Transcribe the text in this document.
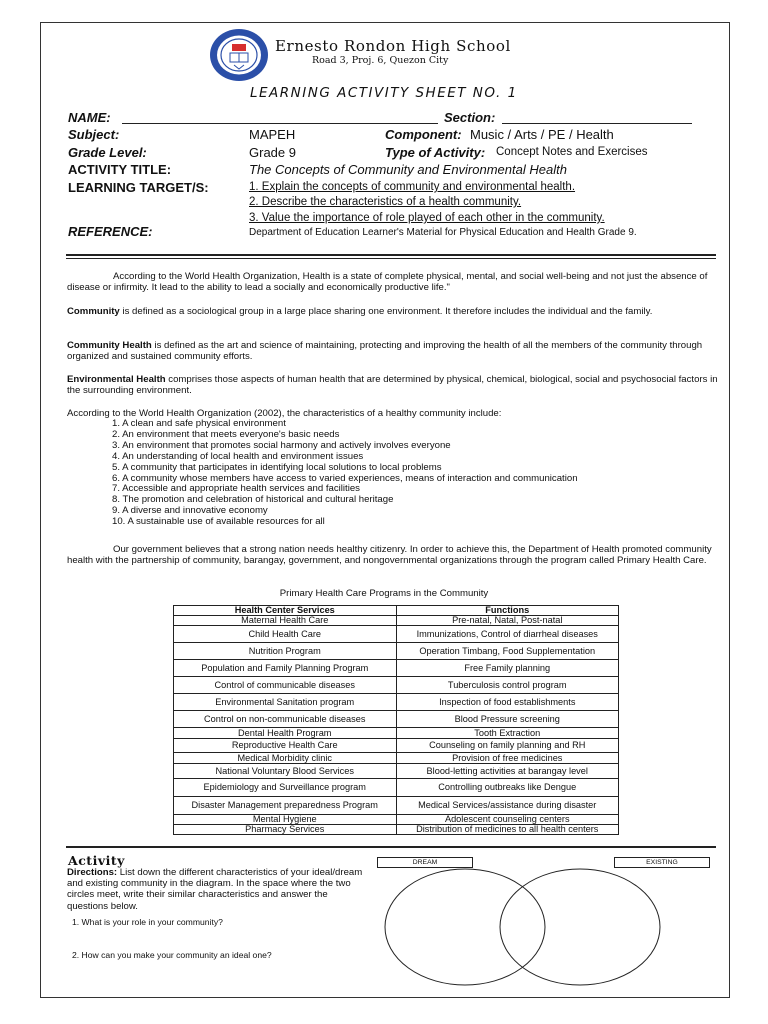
Ernesto Rondon High School
Road 3, Proj. 6, Quezon City
LEARNING ACTIVITY SHEET NO. 1
NAME:	Section:
Subject:	MAPEH	Component: Music / Arts / PE / Health
Grade Level:	Grade 9	Type of Activity: Concept Notes and Exercises
ACTIVITY TITLE:	The Concepts of Community and Environmental Health
LEARNING TARGET/S:	1. Explain the concepts of community and environmental health.
2. Describe the characteristics of a health community.
3. Value the importance of role played of each other in the community.
REFERENCE:	Department of Education Learner's Material for Physical Education and Health Grade 9.

According to the World Health Organization, Health is a state of complete physical, mental, and social well-being and not just the absence of disease or infirmity. It lead to the ability to lead a socially and economically productive life."

Community is defined as a sociological group in a large place sharing one environment. It therefore includes the individual and the family.

Community Health is defined as the art and science of maintaining, protecting and improving the health of all the members of the community through organized and sustained community efforts.

Environmental Health comprises those aspects of human health that are determined by physical, chemical, biological, social and psychosocial factors in the surrounding environment.

According to the World Health Organization (2002), the characteristics of a healthy community include:

1. A clean and safe physical environment
2. An environment that meets everyone's basic needs
3. An environment that promotes social harmony and actively involves everyone
4. An understanding of local health and environment issues
5. A community that participates in identifying local solutions to local problems
6. A community whose members have access to varied experiences, means of interaction and communication
7. Accessible and appropriate health services and facilities
8. The promotion and celebration of historical and cultural heritage
9. A diverse and innovative economy
10. A sustainable use of available resources for all

Our government believes that a strong nation needs healthy citizenry. In order to achieve this, the Department of Health promoted community health with the partnership of community, barangay, government, and nongovernmental organizations through the program called Primary Health Care.

Primary Health Care Programs in the Community
Health Center Services	Functions
Maternal Health Care	Pre-natal, Natal, Post-natal
Child Health Care	Immunizations, Control of diarrheal diseases
Nutrition Program	Operation Timbang, Food Supplementation
Population and Family Planning Program	Free Family planning
Control of communicable diseases	Tuberculosis control program
Environmental Sanitation program	Inspection of food establishments
Control on non-communicable diseases	Blood Pressure screening
Dental Health Program	Tooth Extraction
Reproductive Health Care	Counseling on family planning and RH
Medical Morbidity clinic	Provision of free medicines
National Voluntary Blood Services	Blood-letting activities at barangay level
Epidemiology and Surveillance program	Controlling outbreaks like Dengue
Disaster Management preparedness Program	Medical Services/assistance during disaster
Mental Hygiene	Adolescent counseling centers
Pharmacy Services	Distribution of medicines to all health centers
Activity

Directions: List down the different characteristics of your ideal/dream and existing community in the diagram. In the space where the two circles meet, write their similar characteristics and answer the questions below.

1. What is your role in your community?
2. How can you make your community an ideal one?
DREAM	EXISTING
